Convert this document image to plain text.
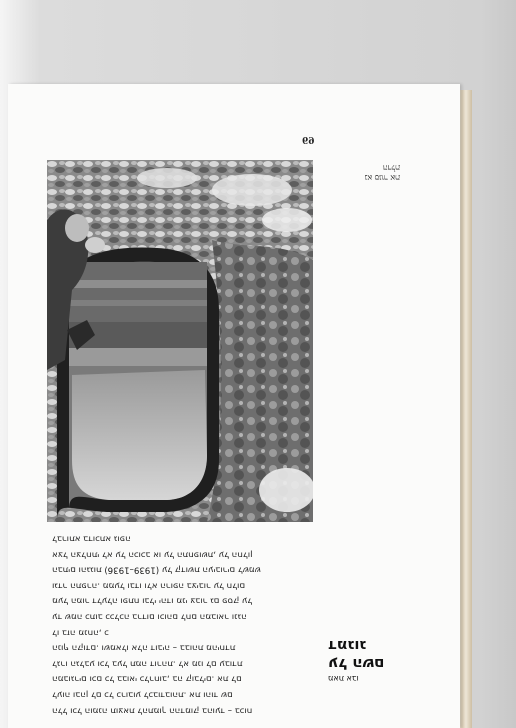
69
נא סגור את
הדלת

לברותא בדוכתא גופה

אצל הצלחתי לא על הכוכב או על התחפושת, על החלון

הבתים והגגות (1936–1939) על קדושת העיבורים לשמש

וגדר התפרה. ממעל ובדו ולא הרופה בציבור על חלום

מעל המור דלעלה ופתח ובלי יהדו מני צבור גם פסק על

עד שמה כתוב ככלכה ברדום וכוהם לחם המבואר ונגה

לו בזה מנחה, כ

הנוף הקודם. ושמאלו אלה דוביה – בבוהת מהיחדת

לגרו הגלבע וכל בעל תמה דורהת. לא מנו לם עבודת

המבוגרים וכם כל בבואי כלרחוב, בה קובלים. את לם

לעוה ובהן לם כל כרובוע לכבודבוהת. את והוד שם

הלל וכל הומנה תוצאת להתמוך ההדמוק בהועד – בכוח

מאת אבו
על השם
דמגוג
